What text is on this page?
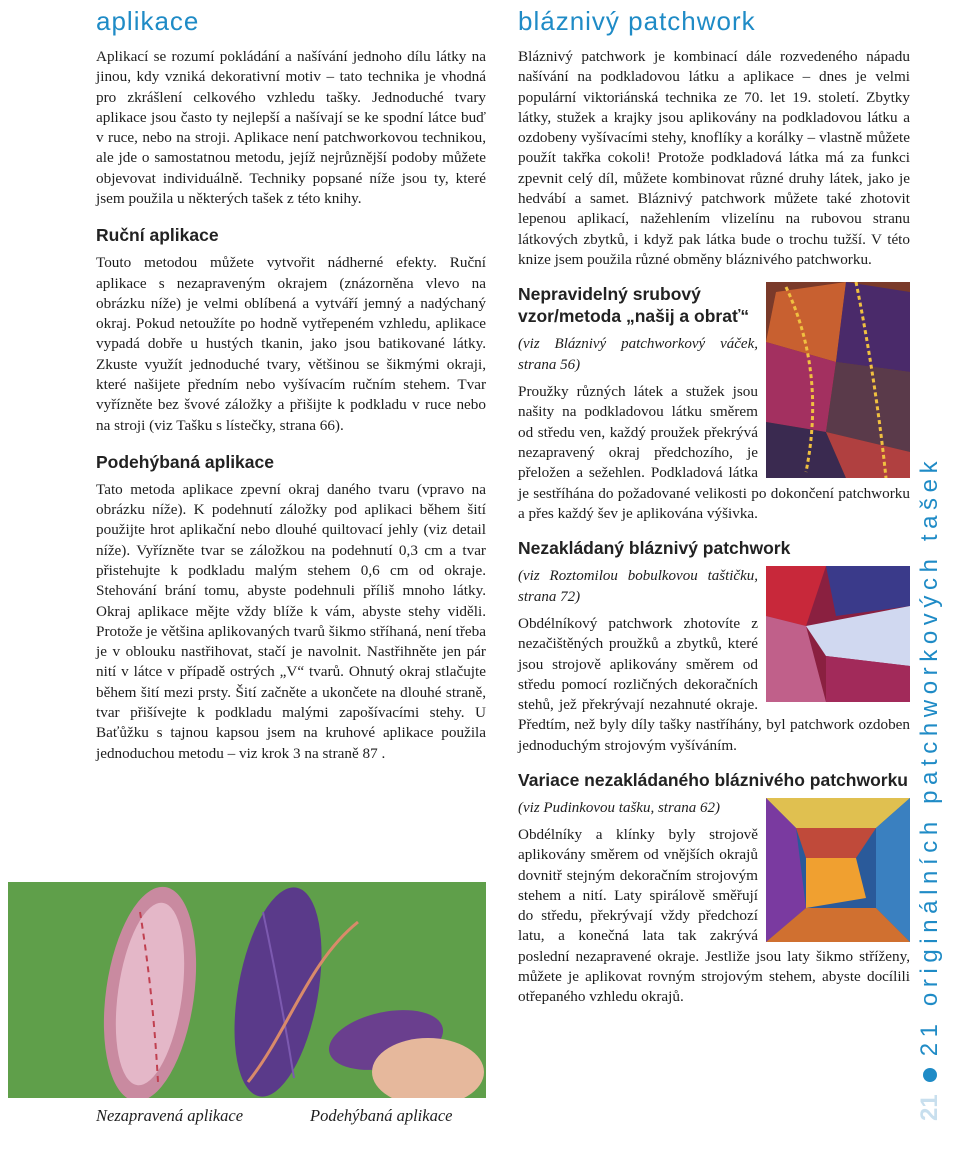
aplikace

Aplikací se rozumí pokládání a našívání jednoho dílu látky na jinou, kdy vzniká dekorativní motiv – tato technika je vhodná pro zkrášlení celkového vzhledu tašky. Jednoduché tvary aplikace jsou často ty nejlepší a našívají se ke spodní látce buď v ruce, nebo na stroji. Aplikace není patchworkovou technikou, ale jde o samostatnou metodu, jejíž nejrůznější podoby můžete objevovat individuálně. Techniky popsané níže jsou ty, které jsem použila u některých tašek z této knihy.

Ruční aplikace

Touto metodou můžete vytvořit nádherné efekty. Ruční aplikace s nezapraveným okrajem (znázorněna vlevo na obrázku níže) je velmi oblíbená a vytváří jemný a nadýchaný okraj. Pokud netoužíte po hodně vytřepeném vzhledu, aplikace vypadá dobře u hustých tkanin, jako jsou batikované látky. Zkuste využít jednoduché tvary, většinou se šikmými okraji, které našijete předním nebo vyšívacím ručním stehem. Tvar vyřízněte bez švové záložky a přišijte k podkladu v ruce nebo na stroji (viz Tašku s lístečky, strana 66).

Podehýbaná aplikace

Tato metoda aplikace zpevní okraj daného tvaru (vpravo na obrázku níže). K podehnutí záložky pod aplikaci během šití použijte hrot aplikační nebo dlouhé quiltovací jehly (viz detail níže). Vyřízněte tvar se záložkou na podehnutí 0,3 cm a tvar přistehujte k podkladu malým stehem 0,6 cm od okraje. Stehování brání tomu, abyste podehnuli příliš mnoho látky. Okraj aplikace mějte vždy blíže k vám, abyste stehy viděli. Protože je většina aplikovaných tvarů šikmo stříhaná, není třeba je v oblouku nastřihovat, stačí je navolnit. Nastřihněte jen pár nití v látce v případě ostrých „V“ tvarů. Ohnutý okraj stlačujte během šití mezi prsty. Šití začněte a ukončete na dlouhé straně, tvar přišívejte k podkladu malými zapošívacími stehy. U Baťůžku s tajnou kapsou jsem na kruhové aplikace použila jednoduchou metodu – viz krok 3 na straně 87 .

Nezapravená aplikace	Podehýbaná aplikace
bláznivý patchwork

Bláznivý patchwork je kombinací dále rozvedeného nápadu našívání na podkladovou látku a aplikace – dnes je velmi populární viktoriánská technika ze 70. let 19. století. Zbytky látky, stužek a krajky jsou aplikovány na podkladovou látku a ozdobeny vyšívacími stehy, knoflíky a korálky – vlastně můžete použít takřka cokoli! Protože podkladová látka má za funkci zpevnit celý díl, můžete kombinovat různé druhy látek, jako je hedvábí a samet. Bláznivý patchwork můžete také zhotovit lepenou aplikací, nažehlením vlizelínu na rubovou stranu látkových zbytků, i když pak látka bude o trochu tužší. V této knize jsem použila různé obměny bláznivého patchworku.

Nepravidelný srubový vzor/metoda „našij a obrať“

(viz Bláznivý patchworkový váček, strana 56)

Proužky různých látek a stužek jsou našity na podkladovou látku směrem od středu ven, každý proužek překrývá nezapravený okraj předchozího, je přeložen a sežehlen. Podkladová látka je sestříhána do požadované velikosti po dokončení patchworku a přes každý šev je aplikována výšivka.

Nezakládaný bláznivý patchwork

(viz Roztomilou bobulkovou taštičku, strana 72)

Obdélníkový patchwork zhotovíte z nezačištěných proužků a zbytků, které jsou strojově aplikovány směrem od středu pomocí rozličných dekoračních stehů, jež překrývají nezahnuté okraje. Předtím, než byly díly tašky nastříhány, byl patchwork ozdoben jednoduchým strojovým vyšíváním.

Variace nezakládaného bláznivého patchworku

(viz Pudinkovou tašku, strana 62)

Obdélníky a klínky byly strojově aplikovány směrem od vnějších okrajů dovnitř stejným dekoračním strojovým stehem a nití. Laty spirálově směřují do středu, překrývají vždy předchozí latu, a konečná lata tak zakrývá poslední nezapravené okraje. Jestliže jsou laty šikmo stříženy, můžete je aplikovat rovným strojovým stehem, abyste docílili otřepaného vzhledu okrajů.

21
21 originálních patchworkových tašek
